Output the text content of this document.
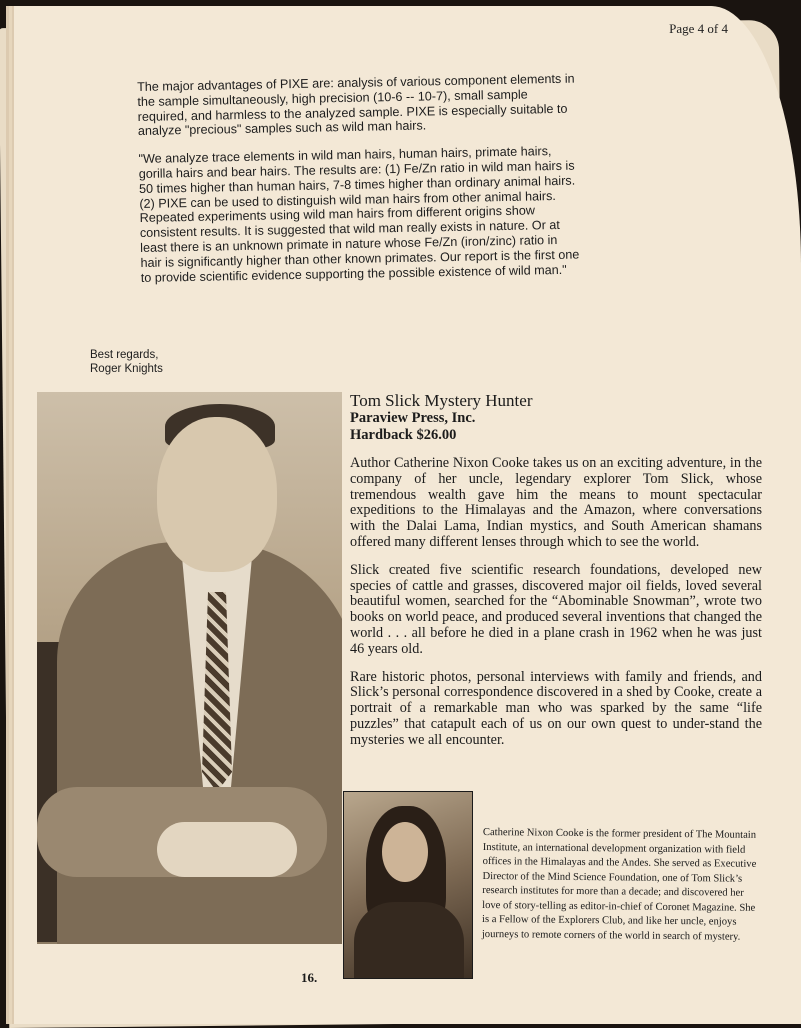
Page 4 of 4

The major advantages of PIXE are: analysis of various component elements in the sample simultaneously, high precision (10-6 -- 10-7), small sample required, and harmless to the analyzed sample. PIXE is especially suitable to analyze "precious" samples such as wild man hairs.

"We analyze trace elements in wild man hairs, human hairs, primate hairs, gorilla hairs and bear hairs. The results are: (1) Fe/Zn ratio in wild man hairs is 50 times higher than human hairs, 7-8 times higher than ordinary animal hairs. (2) PIXE can be used to distinguish wild man hairs from other animal hairs. Repeated experiments using wild man hairs from different origins show consistent results. It is suggested that wild man really exists in nature. Or at least there is an unknown primate in nature whose Fe/Zn (iron/zinc) ratio in hair is significantly higher than other known primates. Our report is the first one to provide scientific evidence supporting the possible existence of wild man."

Best regards,
Roger Knights
Tom Slick Mystery Hunter
Paraview Press, Inc.
Hardback $26.00

Author Catherine Nixon Cooke takes us on an exciting adventure, in the company of her uncle, legendary explorer Tom Slick, whose tremendous wealth gave him the means to mount spectacular expeditions to the Himalayas and the Amazon, where conversations with the Dalai Lama, Indian mystics, and South American shamans offered many different lenses through which to see the world.

Slick created five scientific research foundations, developed new species of cattle and grasses, discovered major oil fields, loved several beautiful women, searched for the “Abominable Snowman”, wrote two books on world peace, and produced several inventions that changed the world . . . all before he died in a plane crash in 1962 when he was just 46 years old.

Rare historic photos, personal interviews with family and friends, and Slick’s personal correspondence discovered in a shed by Cooke, create a portrait of a remarkable man who was sparked by the same “life puzzles” that catapult each of us on our own quest to under-stand the mysteries we all encounter.

Catherine Nixon Cooke is the former president of The Mountain Institute, an international development organization with field offices in the Himalayas and the Andes. She served as Executive Director of the Mind Science Foundation, one of Tom Slick’s research institutes for more than a decade; and discovered her love of story-telling as editor-in-chief of Coronet Magazine. She is a Fellow of the Explorers Club, and like her uncle, enjoys journeys to remote corners of the world in search of mystery.
16.
